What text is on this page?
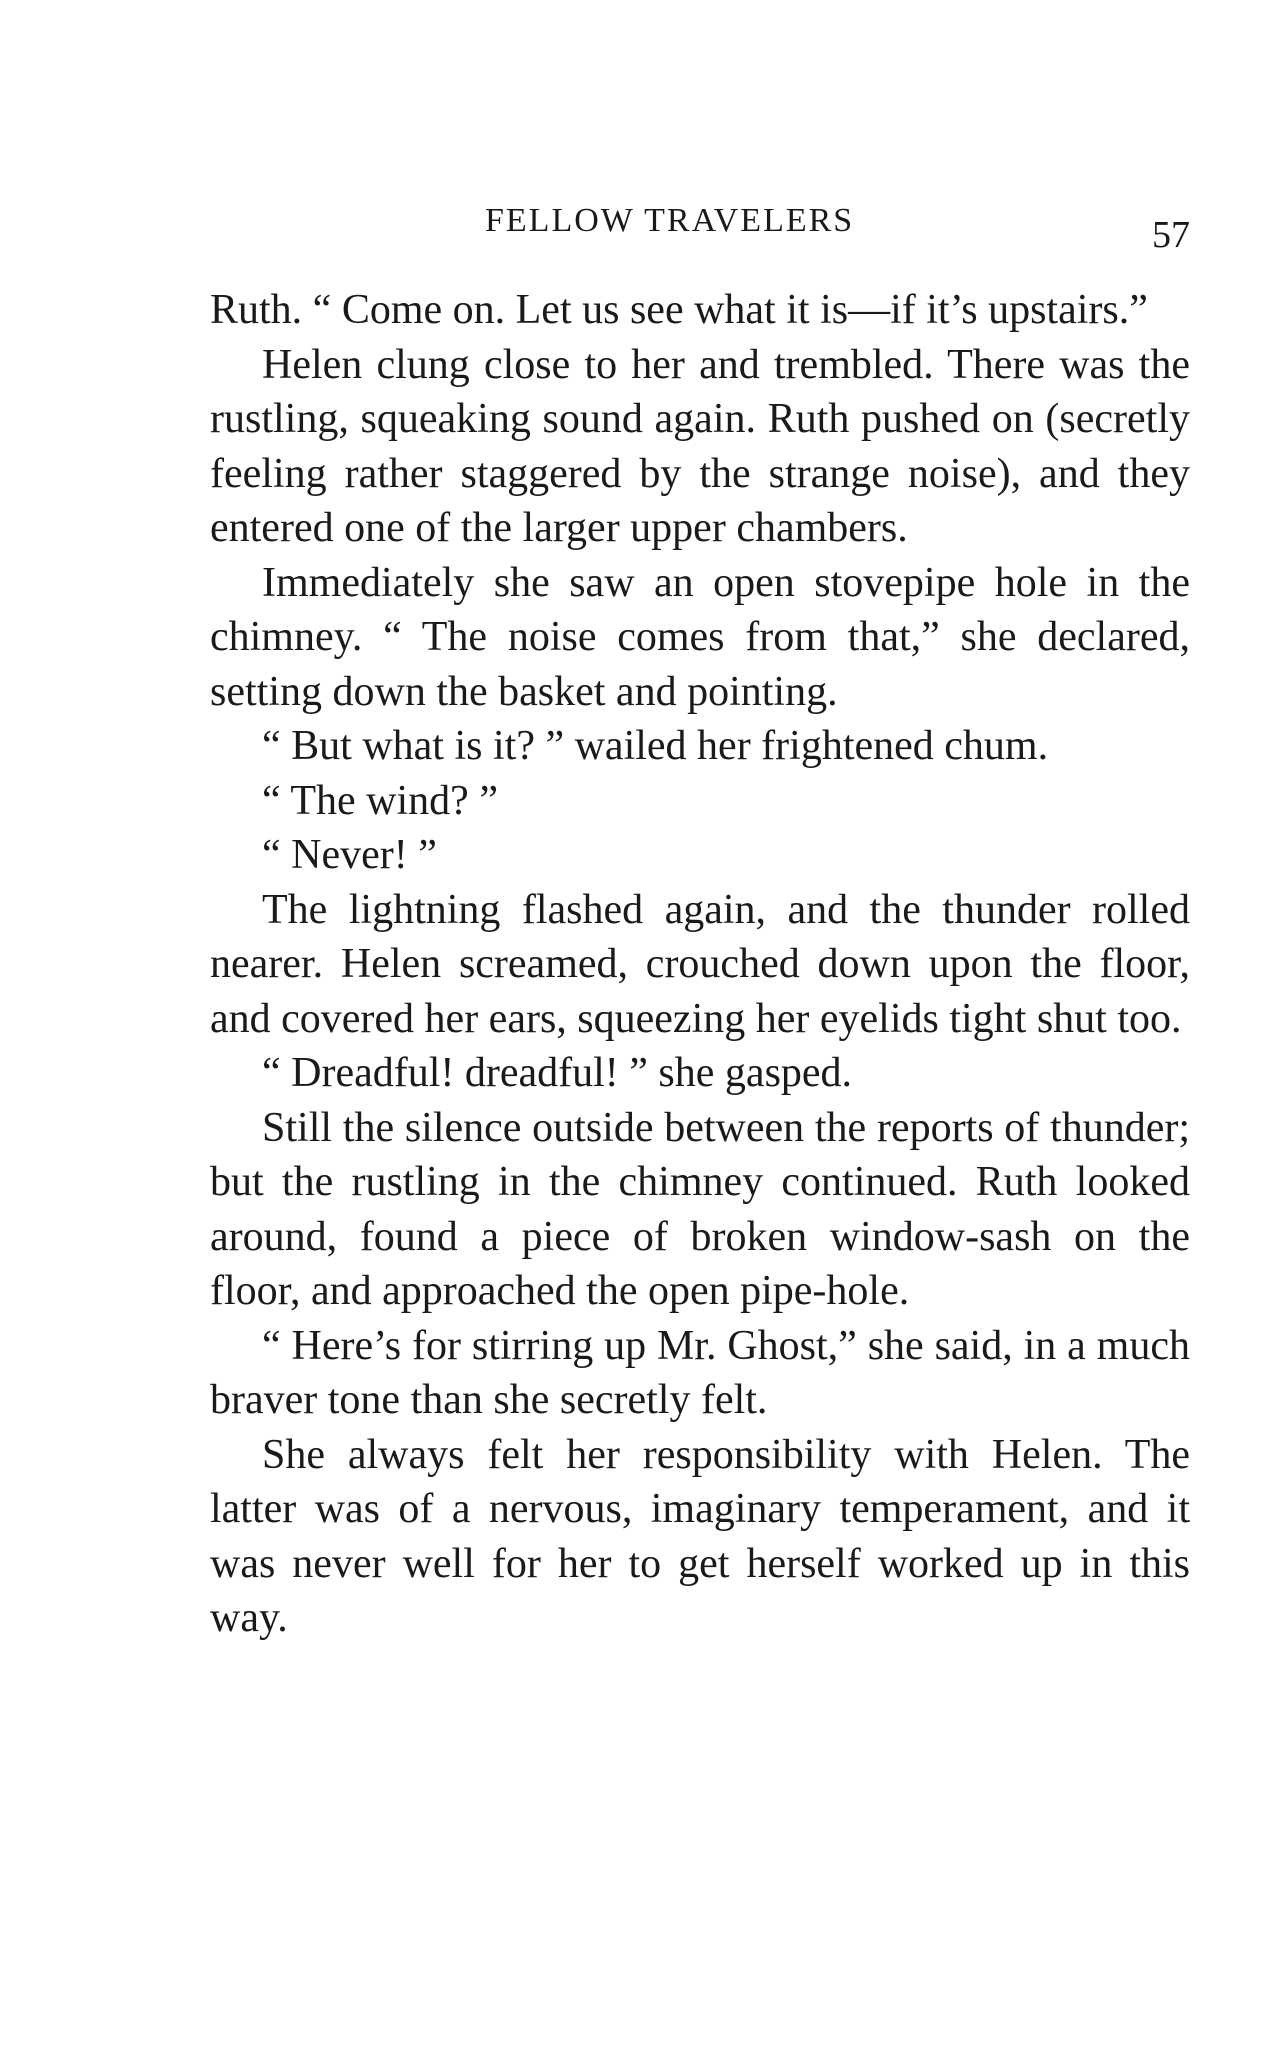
FELLOW TRAVELERS	57

Ruth. “ Come on. Let us see what it is—if it’s upstairs.”

Helen clung close to her and trembled. There was the rustling, squeaking sound again. Ruth pushed on (secretly feeling rather staggered by the strange noise), and they entered one of the larger upper chambers.

Immediately she saw an open stovepipe hole in the chimney. “ The noise comes from that,” she declared, setting down the basket and pointing.

“ But what is it? ” wailed her frightened chum.

“ The wind? ”

“ Never! ”

The lightning flashed again, and the thunder rolled nearer. Helen screamed, crouched down upon the floor, and covered her ears, squeezing her eyelids tight shut too.

“ Dreadful! dreadful! ” she gasped.

Still the silence outside between the reports of thunder; but the rustling in the chimney continued. Ruth looked around, found a piece of broken window-sash on the floor, and approached the open pipe-hole.

“ Here’s for stirring up Mr. Ghost,” she said, in a much braver tone than she secretly felt.

She always felt her responsibility with Helen. The latter was of a nervous, imaginary temperament, and it was never well for her to get herself worked up in this way.
